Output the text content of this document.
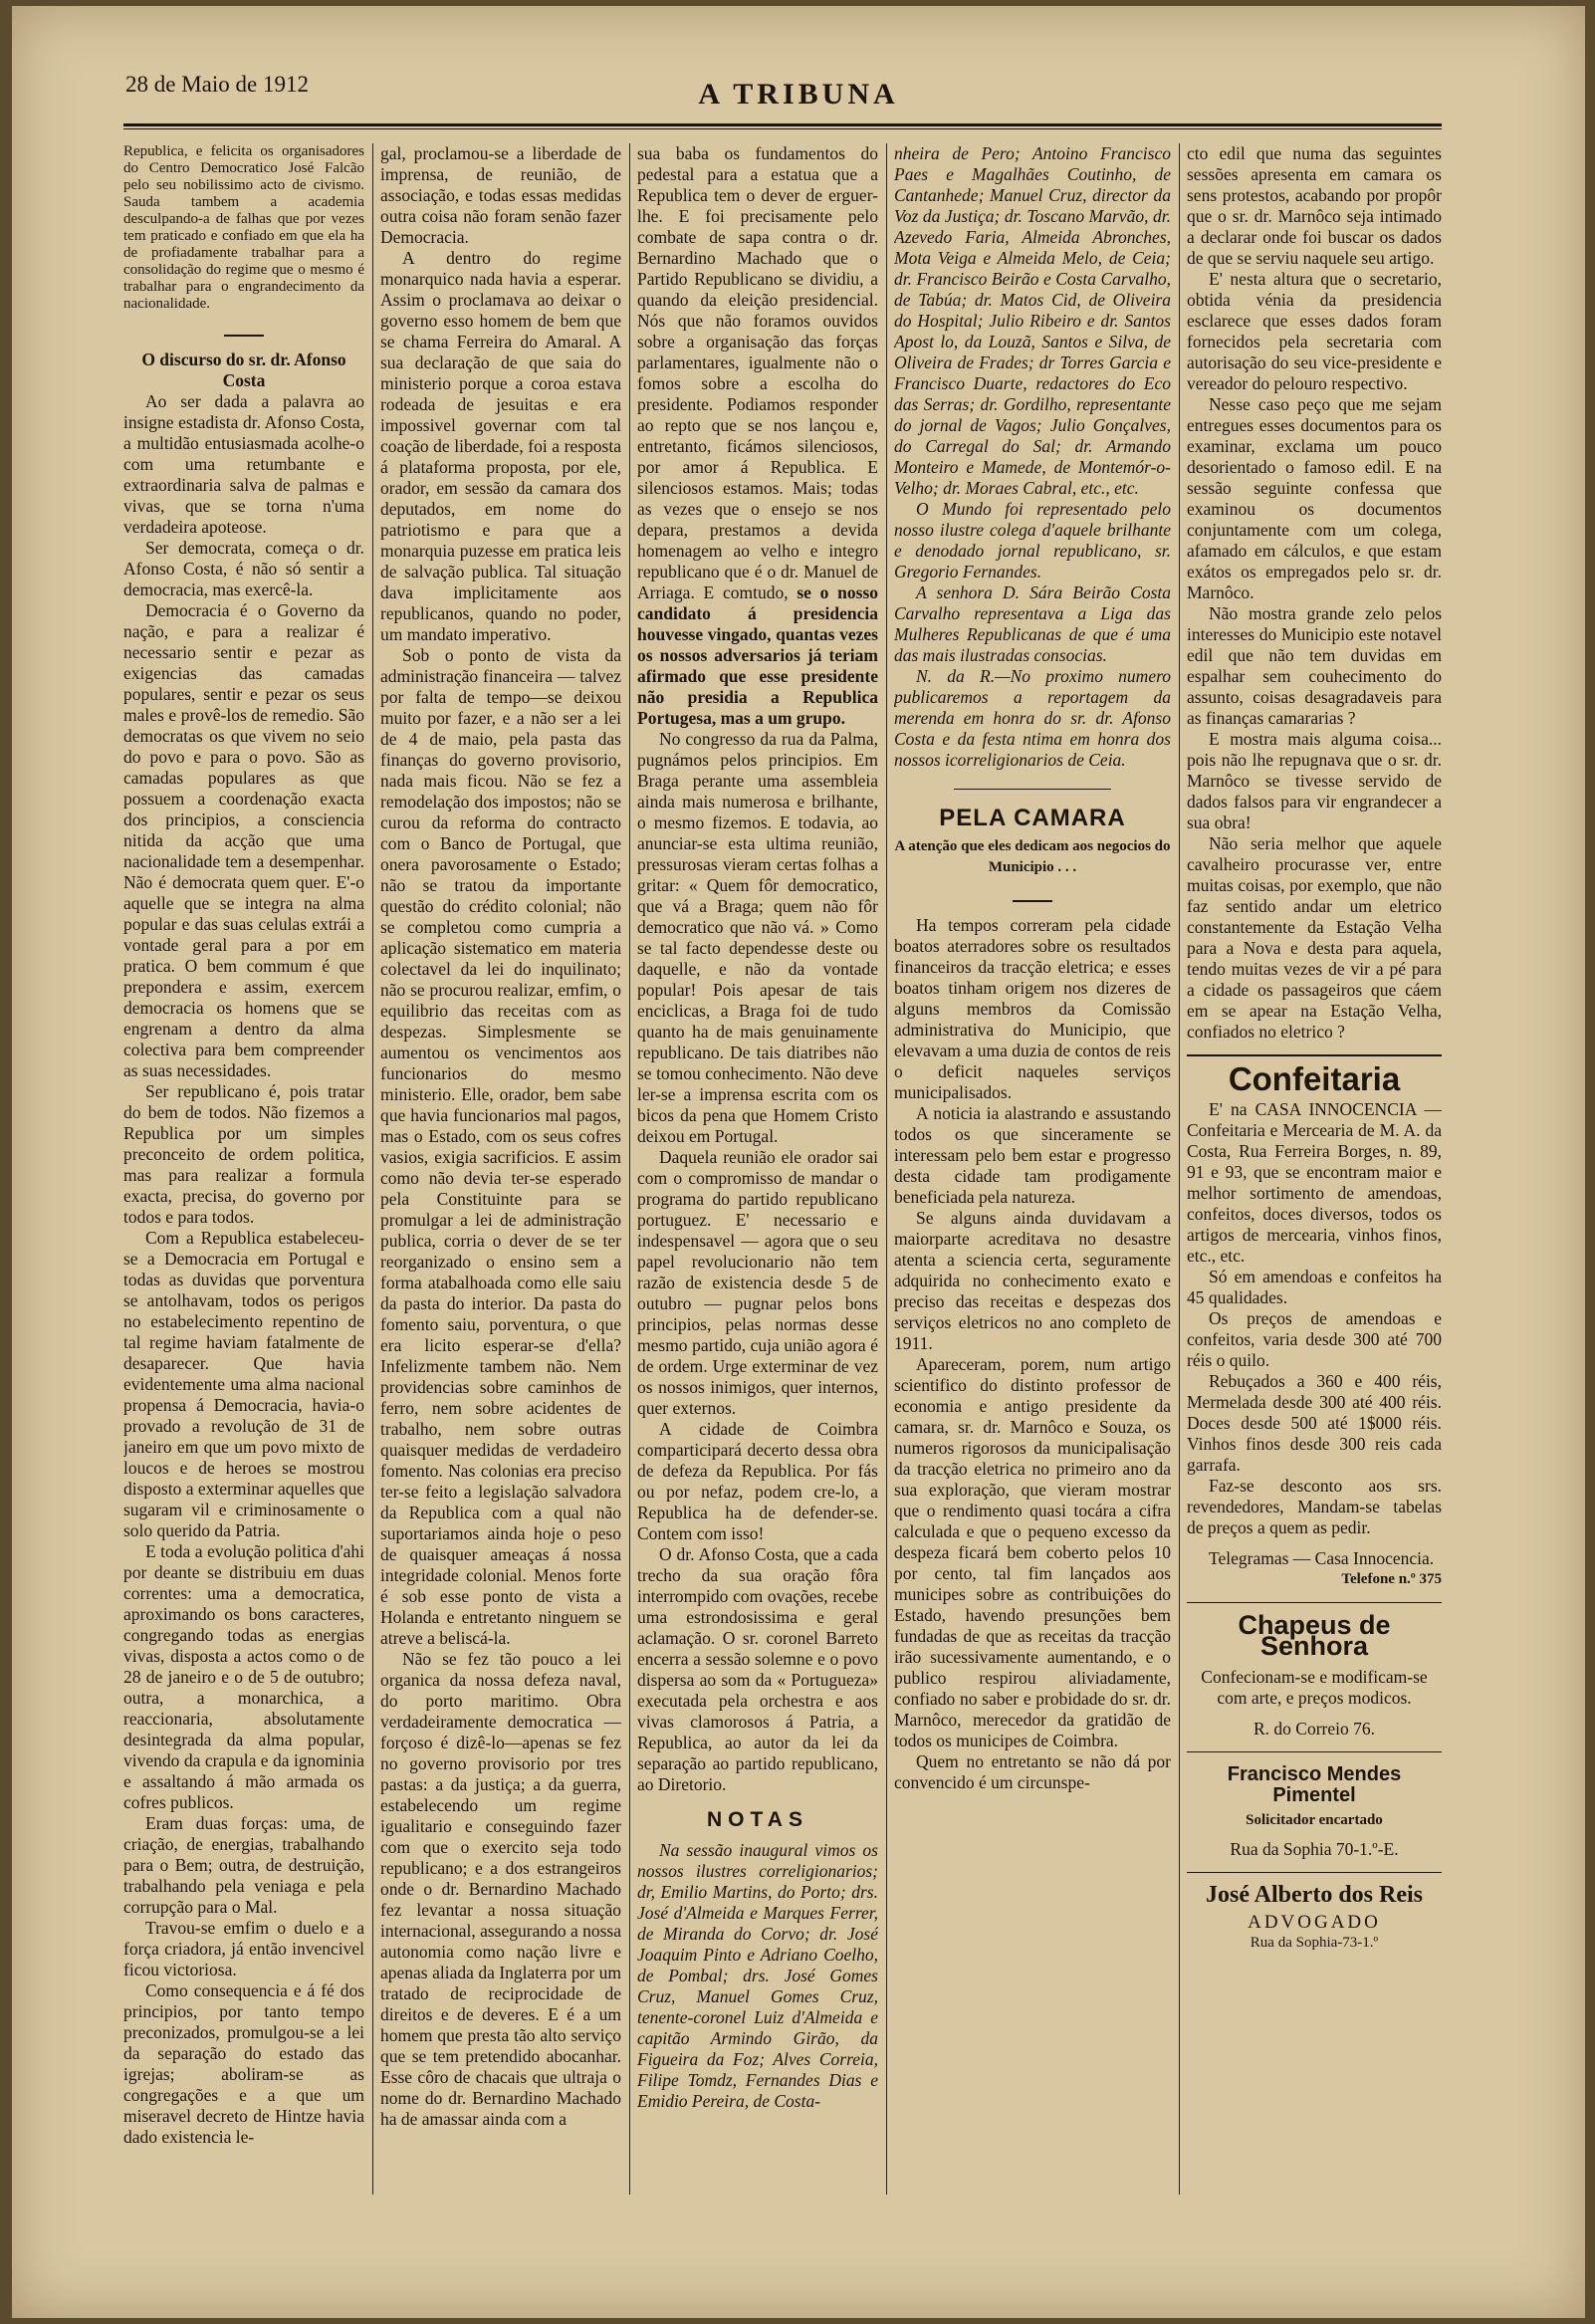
28 de Maio de 1912	A TRIBUNA

Republica, e felicita os organisadores do Centro Democratico José Falcão pelo seu nobilissimo acto de civismo. Sauda tambem a academia desculpando-a de falhas que por vezes tem praticado e confiado em que ela ha de profiadamente trabalhar para a consolidação do regime que o mesmo é trabalhar para o engrandecimento da nacionalidade.

O discurso do sr. dr. Afonso Costa

Ao ser dada a palavra ao insigne estadista dr. Afonso Costa, a multidão entusiasmada acolhe-o com uma retumbante e extraordinaria salva de palmas e vivas, que se torna n'uma verdadeira apoteose.

Ser democrata, começa o dr. Afonso Costa, é não só sentir a democracia, mas exercê-la.

Democracia é o Governo da nação, e para a realizar é necessario sentir e pezar as exigencias das camadas populares, sentir e pezar os seus males e provê-los de remedio. São democratas os que vivem no seio do povo e para o povo. São as camadas populares as que possuem a coordenação exacta dos principios, a consciencia nitida da acção que uma nacionalidade tem a desempenhar. Não é democrata quem quer. E'-o aquelle que se integra na alma popular e das suas celulas extrái a vontade geral para a por em pratica. O bem commum é que prepondera e assim, exercem democracia os homens que se engrenam a dentro da alma colectiva para bem compreender as suas necessidades.

Ser republicano é, pois tratar do bem de todos. Não fizemos a Republica por um simples preconceito de ordem politica, mas para realizar a formula exacta, precisa, do governo por todos e para todos.

Com a Republica estabeleceu-se a Democracia em Portugal e todas as duvidas que porventura se antolhavam, todos os perigos no estabelecimento repentino de tal regime haviam fatalmente de desaparecer. Que havia evidentemente uma alma nacional propensa á Democracia, havia-o provado a revolução de 31 de janeiro em que um povo mixto de loucos e de heroes se mostrou disposto a exterminar aquelles que sugaram vil e criminosamente o solo querido da Patria.

E toda a evolução politica d'ahi por deante se distribuiu em duas correntes: uma a democratica, aproximando os bons caracteres, congregando todas as energias vivas, disposta a actos como o de 28 de janeiro e o de 5 de outubro; outra, a monarchica, a reaccionaria, absolutamente desintegrada da alma popular, vivendo da crapula e da ignominia e assaltando á mão armada os cofres publicos.

Eram duas forças: uma, de criação, de energias, trabalhando para o Bem; outra, de destruição, trabalhando pela veniaga e pela corrupção para o Mal.

Travou-se emfim o duelo e a força criadora, já então invencivel ficou victoriosa.

Como consequencia e á fé dos principios, por tanto tempo preconizados, promulgou-se a lei da separação do estado das igrejas; aboliram-se as congregações e a que um miseravel decreto de Hintze havia dado existencia le-

gal, proclamou-se a liberdade de imprensa, de reunião, de associação, e todas essas medidas outra coisa não foram senão fazer Democracia.

A dentro do regime monarquico nada havia a esperar. Assim o proclamava ao deixar o governo esso homem de bem que se chama Ferreira do Amaral. A sua declaração de que saia do ministerio porque a coroa estava rodeada de jesuitas e era impossivel governar com tal coação de liberdade, foi a resposta á plataforma proposta, por ele, orador, em sessão da camara dos deputados, em nome do patriotismo e para que a monarquia puzesse em pratica leis de salvação publica. Tal situação dava implicitamente aos republicanos, quando no poder, um mandato imperativo.

Sob o ponto de vista da administração financeira — talvez por falta de tempo—se deixou muito por fazer, e a não ser a lei de 4 de maio, pela pasta das finanças do governo provisorio, nada mais ficou. Não se fez a remodelação dos impostos; não se curou da reforma do contracto com o Banco de Portugal, que onera pavorosamente o Estado; não se tratou da importante questão do crédito colonial; não se completou como cumpria a aplicação sistematico em materia colectavel da lei do inquilinato; não se procurou realizar, emfim, o equilibrio das receitas com as despezas. Simplesmente se aumentou os vencimentos aos funcionarios do mesmo ministerio. Elle, orador, bem sabe que havia funcionarios mal pagos, mas o Estado, com os seus cofres vasios, exigia sacrificios. E assim como não devia ter-se esperado pela Constituinte para se promulgar a lei de administração publica, corria o dever de se ter reorganizado o ensino sem a forma atabalhoada como elle saiu da pasta do interior. Da pasta do fomento saiu, porventura, o que era licito esperar-se d'ella? Infelizmente tambem não. Nem providencias sobre caminhos de ferro, nem sobre acidentes de trabalho, nem sobre outras quaisquer medidas de verdadeiro fomento. Nas colonias era preciso ter-se feito a legislação salvadora da Republica com a qual não suportariamos ainda hoje o peso de quaisquer ameaças á nossa integridade colonial. Menos forte é sob esse ponto de vista a Holanda e entretanto ninguem se atreve a beliscá-la.

Não se fez tão pouco a lei organica da nossa defeza naval, do porto maritimo. Obra verdadeiramente democratica — forçoso é dizê-lo—apenas se fez no governo provisorio por tres pastas: a da justiça; a da guerra, estabelecendo um regime igualitario e conseguindo fazer com que o exercito seja todo republicano; e a dos estrangeiros onde o dr. Bernardino Machado fez levantar a nossa situação internacional, assegurando a nossa autonomia como nação livre e apenas aliada da Inglaterra por um tratado de reciprocidade de direitos e de deveres. E é a um homem que presta tão alto serviço que se tem pretendido abocanhar. Esse côro de chacais que ultraja o nome do dr. Bernardino Machado ha de amassar ainda com a

sua baba os fundamentos do pedestal para a estatua que a Republica tem o dever de erguer-lhe. E foi precisamente pelo combate de sapa contra o dr. Bernardino Machado que o Partido Republicano se dividiu, a quando da eleição presidencial. Nós que não foramos ouvidos sobre a organisação das forças parlamentares, igualmente não o fomos sobre a escolha do presidente. Podiamos responder ao repto que se nos lançou e, entretanto, ficámos silenciosos, por amor á Republica. E silenciosos estamos. Mais; todas as vezes que o ensejo se nos depara, prestamos a devida homenagem ao velho e integro republicano que é o dr. Manuel de Arriaga. E comtudo, se o nosso candidato á presidencia houvesse vingado, quantas vezes os nossos adversarios já teriam afirmado que esse presidente não presidia a Republica Portugesa, mas a um grupo.

No congresso da rua da Palma, pugnámos pelos principios. Em Braga perante uma assembleia ainda mais numerosa e brilhante, o mesmo fizemos. E todavia, ao anunciar-se esta ultima reunião, pressurosas vieram certas folhas a gritar: « Quem fôr democratico, que vá a Braga; quem não fôr democratico que não vá. » Como se tal facto dependesse deste ou daquelle, e não da vontade popular! Pois apesar de tais enciclicas, a Braga foi de tudo quanto ha de mais genuinamente republicano. De tais diatribes não se tomou conhecimento. Não deve ler-se a imprensa escrita com os bicos da pena que Homem Cristo deixou em Portugal.

Daquela reunião ele orador sai com o compromisso de mandar o programa do partido republicano portuguez. E' necessario e indespensavel — agora que o seu papel revolucionario não tem razão de existencia desde 5 de outubro — pugnar pelos bons principios, pelas normas desse mesmo partido, cuja união agora é de ordem. Urge exterminar de vez os nossos inimigos, quer internos, quer externos.

A cidade de Coimbra comparticipará decerto dessa obra de defeza da Republica. Por fás ou por nefaz, podem cre-lo, a Republica ha de defender-se. Contem com isso!

O dr. Afonso Costa, que a cada trecho da sua oração fôra interrompido com ovações, recebe uma estrondosissima e geral aclamação. O sr. coronel Barreto encerra a sessão solemne e o povo dispersa ao som da « Portugueza» executada pela orchestra e aos vivas clamorosos á Patria, a Republica, ao autor da lei da separação ao partido republicano, ao Diretorio.

NOTAS

Na sessão inaugural vimos os nossos ilustres correligionarios; dr, Emilio Martins, do Porto; drs. José d'Almeida e Marques Ferrer, de Miranda do Corvo; dr. José Joaquim Pinto e Adriano Coelho, de Pombal; drs. José Gomes Cruz, Manuel Gomes Cruz, tenente-coronel Luiz d'Almeida e capitão Armindo Girão, da Figueira da Foz; Alves Correia, Filipe Tomdz, Fernandes Dias e Emidio Pereira, de Costa-

nheira de Pero; Antoino Francisco Paes e Magalhães Coutinho, de Cantanhede; Manuel Cruz, director da Voz da Justiça; dr. Toscano Marvão, dr. Azevedo Faria, Almeida Abronches, Mota Veiga e Almeida Melo, de Ceia; dr. Francisco Beirão e Costa Carvalho, de Tabúa; dr. Matos Cid, de Oliveira do Hospital; Julio Ribeiro e dr. Santos Apost lo, da Louzã, Santos e Silva, de Oliveira de Frades; dr Torres Garcia e Francisco Duarte, redactores do Eco das Serras; dr. Gordilho, representante do jornal de Vagos; Julio Gonçalves, do Carregal do Sal; dr. Armando Monteiro e Mamede, de Montemór-o-Velho; dr. Moraes Cabral, etc., etc.

O Mundo foi representado pelo nosso ilustre colega d'aquele brilhante e denodado jornal republicano, sr. Gregorio Fernandes.

A senhora D. Sára Beirão Costa Carvalho representava a Liga das Mulheres Republicanas de que é uma das mais ilustradas consocias.

N. da R.—No proximo numero publicaremos a reportagem da merenda em honra do sr. dr. Afonso Costa e da festa ntima em honra dos nossos icorreligionarios de Ceia.

PELA CAMARA

A atenção que eles dedicam aos negocios do Municipio . . .

Ha tempos correram pela cidade boatos aterradores sobre os resultados financeiros da tracção eletrica; e esses boatos tinham origem nos dizeres de alguns membros da Comissão administrativa do Municipio, que elevavam a uma duzia de contos de reis o deficit naqueles serviços municipalisados.

A noticia ia alastrando e assustando todos os que sinceramente se interessam pelo bem estar e progresso desta cidade tam prodigamente beneficiada pela natureza.

Se alguns ainda duvidavam a maiorparte acreditava no desastre atenta a sciencia certa, seguramente adquirida no conhecimento exato e preciso das receitas e despezas dos serviços eletricos no ano completo de 1911.

Apareceram, porem, num artigo scientifico do distinto professor de economia e antigo presidente da camara, sr. dr. Marnôco e Souza, os numeros rigorosos da municipalisação da tracção eletrica no primeiro ano da sua exploração, que vieram mostrar que o rendimento quasi tocára a cifra calculada e que o pequeno excesso da despeza ficará bem coberto pelos 10 por cento, tal fim lançados aos municipes sobre as contribuições do Estado, havendo presunções bem fundadas de que as receitas da tracção irão sucessivamente aumentando, e o publico respirou aliviadamente, confiado no saber e probidade do sr. dr. Marnôco, merecedor da gratidão de todos os municipes de Coimbra.

Quem no entretanto se não dá por convencido é um circunspe-

cto edil que numa das seguintes sessões apresenta em camara os sens protestos, acabando por propôr que o sr. dr. Marnôco seja intimado a declarar onde foi buscar os dados de que se serviu naquele seu artigo.

E' nesta altura que o secretario, obtida vénia da presidencia esclarece que esses dados foram fornecidos pela secretaria com autorisação do seu vice-presidente e vereador do pelouro respectivo.

Nesse caso peço que me sejam entregues esses documentos para os examinar, exclama um pouco desorientado o famoso edil. E na sessão seguinte confessa que examinou os documentos conjuntamente com um colega, afamado em cálculos, e que estam exátos os empregados pelo sr. dr. Marnôco.

Não mostra grande zelo pelos interesses do Municipio este notavel edil que não tem duvidas em espalhar sem couhecimento do assunto, coisas desagradaveis para as finanças camararias ?

E mostra mais alguma coisa... pois não lhe repugnava que o sr. dr. Marnôco se tivesse servido de dados falsos para vir engrandecer a sua obra!

Não seria melhor que aquele cavalheiro procurasse ver, entre muitas coisas, por exemplo, que não faz sentido andar um eletrico constantemente da Estação Velha para a Nova e desta para aquela, tendo muitas vezes de vir a pé para a cidade os passageiros que cáem em se apear na Estação Velha, confiados no eletrico ?

Confeitaria

E' na CASA INNOCENCIA —Confeitaria e Mercearia de M. A. da Costa, Rua Ferreira Borges, n. 89, 91 e 93, que se encontram maior e melhor sortimento de amendoas, confeitos, doces diversos, todos os artigos de mercearia, vinhos finos, etc., etc.

Só em amendoas e confeitos ha 45 qualidades.

Os preços de amendoas e confeitos, varia desde 300 até 700 réis o quilo.

Rebuçados a 360 e 400 réis, Mermelada desde 300 até 400 réis. Doces desde 500 até 1$000 réis. Vinhos finos desde 300 reis cada garrafa.

Faz-se desconto aos srs. revendedores, Mandam-se tabelas de preços a quem as pedir.

Telegramas — Casa Innocencia.

Telefone n.º 375

Chapeus de Senhora

Confecionam-se e modificam-se com arte, e preços modicos.

R. do Correio 76.

Francisco Mendes Pimentel

Solicitador encartado

Rua da Sophia 70-1.º-E.

José Alberto dos Reis

ADVOGADO

Rua da Sophia-73-1.º
